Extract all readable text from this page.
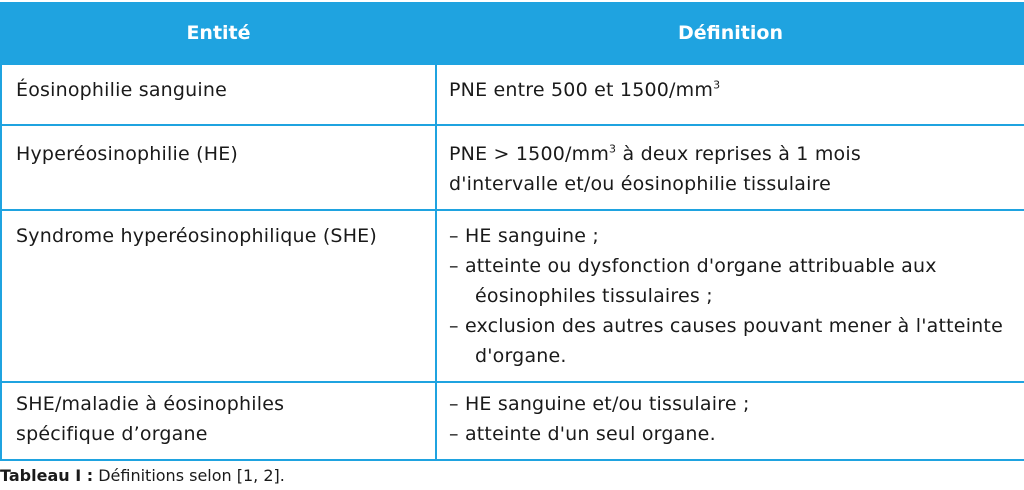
Entité	Définition

Éosinophilie sanguine	PNE entre 500 et $1500/mm^3$

Hyperéosinophilie (HE)	PNE > $1500/mm^3$ à deux reprises à 1 mois
d'intervalle et/ou éosinophilie tissulaire

Syndrome hyperéosinophilique (SHE)	– HE sanguine ;
– atteinte ou dysfonction d'organe attribuable aux éosinophiles tissulaires ;
– exclusion des autres causes pouvant mener à l'atteinte d'organe.

SHE/maladie à éosinophiles
spécifique d’organe	– HE sanguine et/ou tissulaire ;
– atteinte d'un seul organe.
Tableau I : Définitions selon [1, 2].
